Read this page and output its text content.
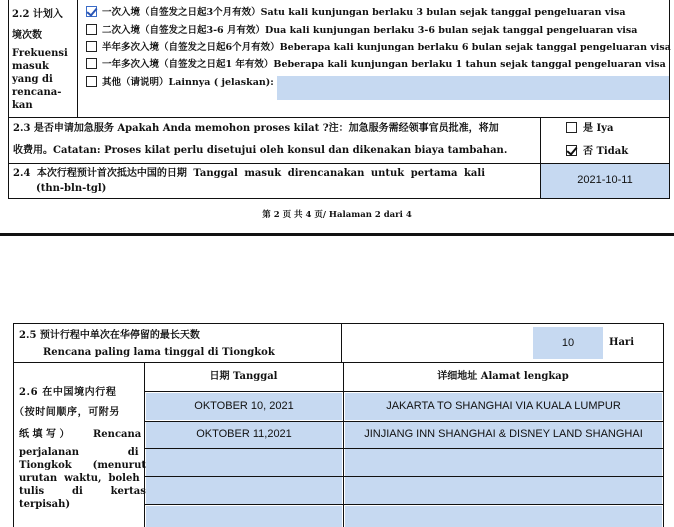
2.2 计划入
境次数
Frekuensi
masuk
yang di
rencana-
kan
一次入境（自签发之日起3个月有效）Satu kali kunjungan berlaku 3 bulan sejak tanggal pengeluaran visa
二次入境（自签发之日起3-6 月有效）Dua kali kunjungan berlaku 3-6 bulan sejak tanggal pengeluaran visa
半年多次入境（自签发之日起6个月有效）Beberapa kali kunjungan berlaku 6 bulan sejak tanggal pengeluaran visa
一年多次入境（自签发之日起1 年有效）Beberapa kali kunjungan berlaku 1 tahun sejak tanggal pengeluaran visa
其他（请说明）Lainnya ( jelaskan):
2.3 是否申请加急服务 Apakah Anda memohon proses kilat ?注：加急服务需经领事官员批准，将加
收费用。Catatan: Proses kilat perlu disetujui oleh konsul dan dikenakan biaya tambahan.
是 Iya
否 Tidak
2.4 本次行程预计首次抵达中国的日期 Tanggal masuk direncanakan untuk pertama kali
(thn-bln-tgl)
2021-10-11
第 2 页 共 4 页/ Halaman 2 dari 4
2.5 预计行程中单次在华停留的最长天数
Rencana paling lama tinggal di Tiongkok
10	Hari
2.6 在中国境内行程
（按时间顺序，可附另
纸 填 写 ） Rencana
perjalanan              di
Tiongkok      (menurut
urutan  waktu,  boleh
tulis        di        kertas
terpisah)
日期 Tanggal	详细地址 Alamat lengkap
OKTOBER 10, 2021	JAKARTA TO SHANGHAI VIA KUALA LUMPUR
OKTOBER 11,2021	JINJIANG INN SHANGHAI & DISNEY LAND SHANGHAI
